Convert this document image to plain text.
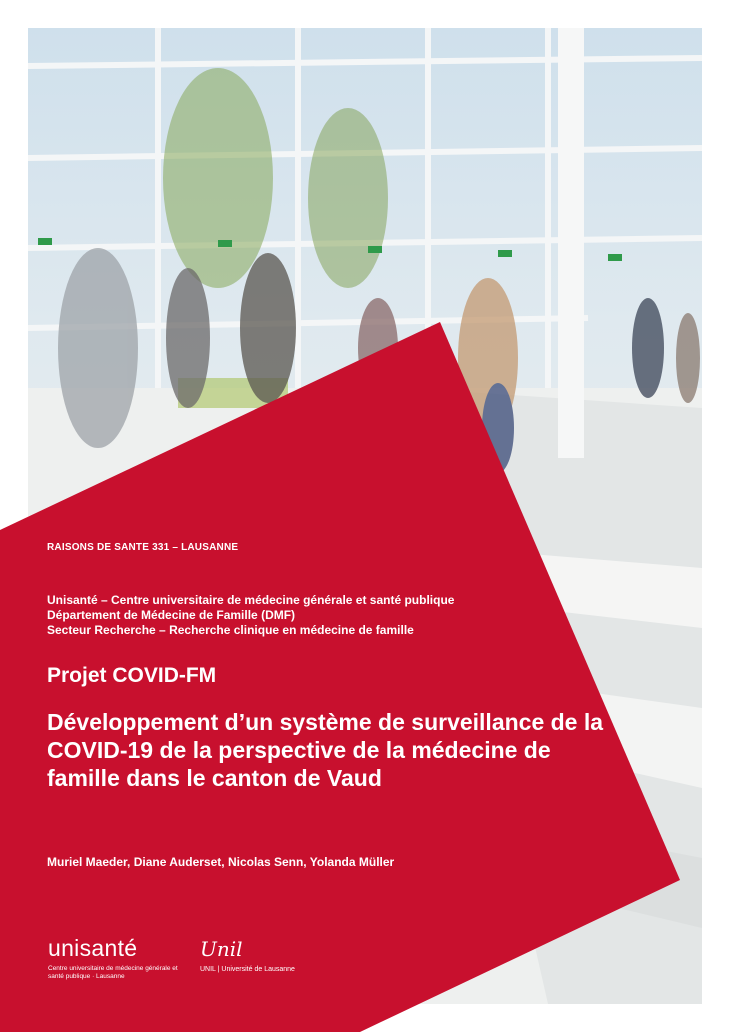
RAISONS DE SANTE 331 – LAUSANNE
Unisanté – Centre universitaire de médecine générale et santé publique
Département de Médecine de Famille (DMF)
Secteur Recherche – Recherche clinique en médecine de famille
Projet COVID-FM
Développement d’un système de surveillance de la COVID-19 de la perspective de la médecine de famille dans le canton de Vaud
Muriel Maeder, Diane Auderset, Nicolas Senn, Yolanda Müller
unisanté
Centre universitaire de médecine générale et santé publique · Lausanne
Unil
UNIL | Université de Lausanne
